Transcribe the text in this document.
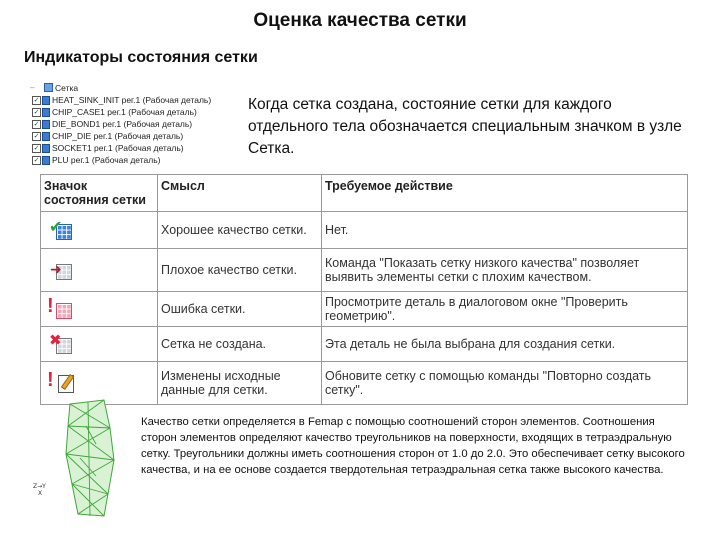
Оценка качества сетки
Индикаторы состояния сетки
– Сетка
✓ HEAT_SINK_INIT рег.1 (Рабочая деталь)
✓ CHIP_CASE1 рег.1 (Рабочая деталь)
✓ DIE_BOND1 рег.1 (Рабочая деталь)
✓ CHIP_DIE рег.1 (Рабочая деталь)
✓ SOCKET1 рег.1 (Рабочая деталь)
✓ PLU рег.1 (Рабочая деталь)
Когда сетка создана, состояние сетки для каждого отдельного тела обозначается специальным значком в узле Сетка.
Значок состояния сетки	Смысл	Требуемое действие

✔	Хорошее качество сетки.	Нет.

➜	Плохое качество сетки.	Команда "Показать сетку низкого качества" позволяет выявить элементы сетки с плохим качеством.

!	Ошибка сетки.	Просмотрите деталь в диалоговом окне "Проверить геометрию".

✖	Сетка не создана.	Эта деталь не была выбрана для создания сетки.

!	Изменены исходные данные для сетки.	Обновите сетку с помощью команды "Повторно создать сетку".
Z→Y
X
Качество сетки определяется в Femap с помощью соотношений сторон элементов. Соотношения сторон элементов определяют качество треугольников на поверхности, входящих в тетраэдральную сетку. Треугольники должны иметь соотношения сторон от 1.0 до 2.0. Это обеспечивает сетку высокого качества, и на ее основе создается твердотельная тетраэдральная сетка также высокого качества.
